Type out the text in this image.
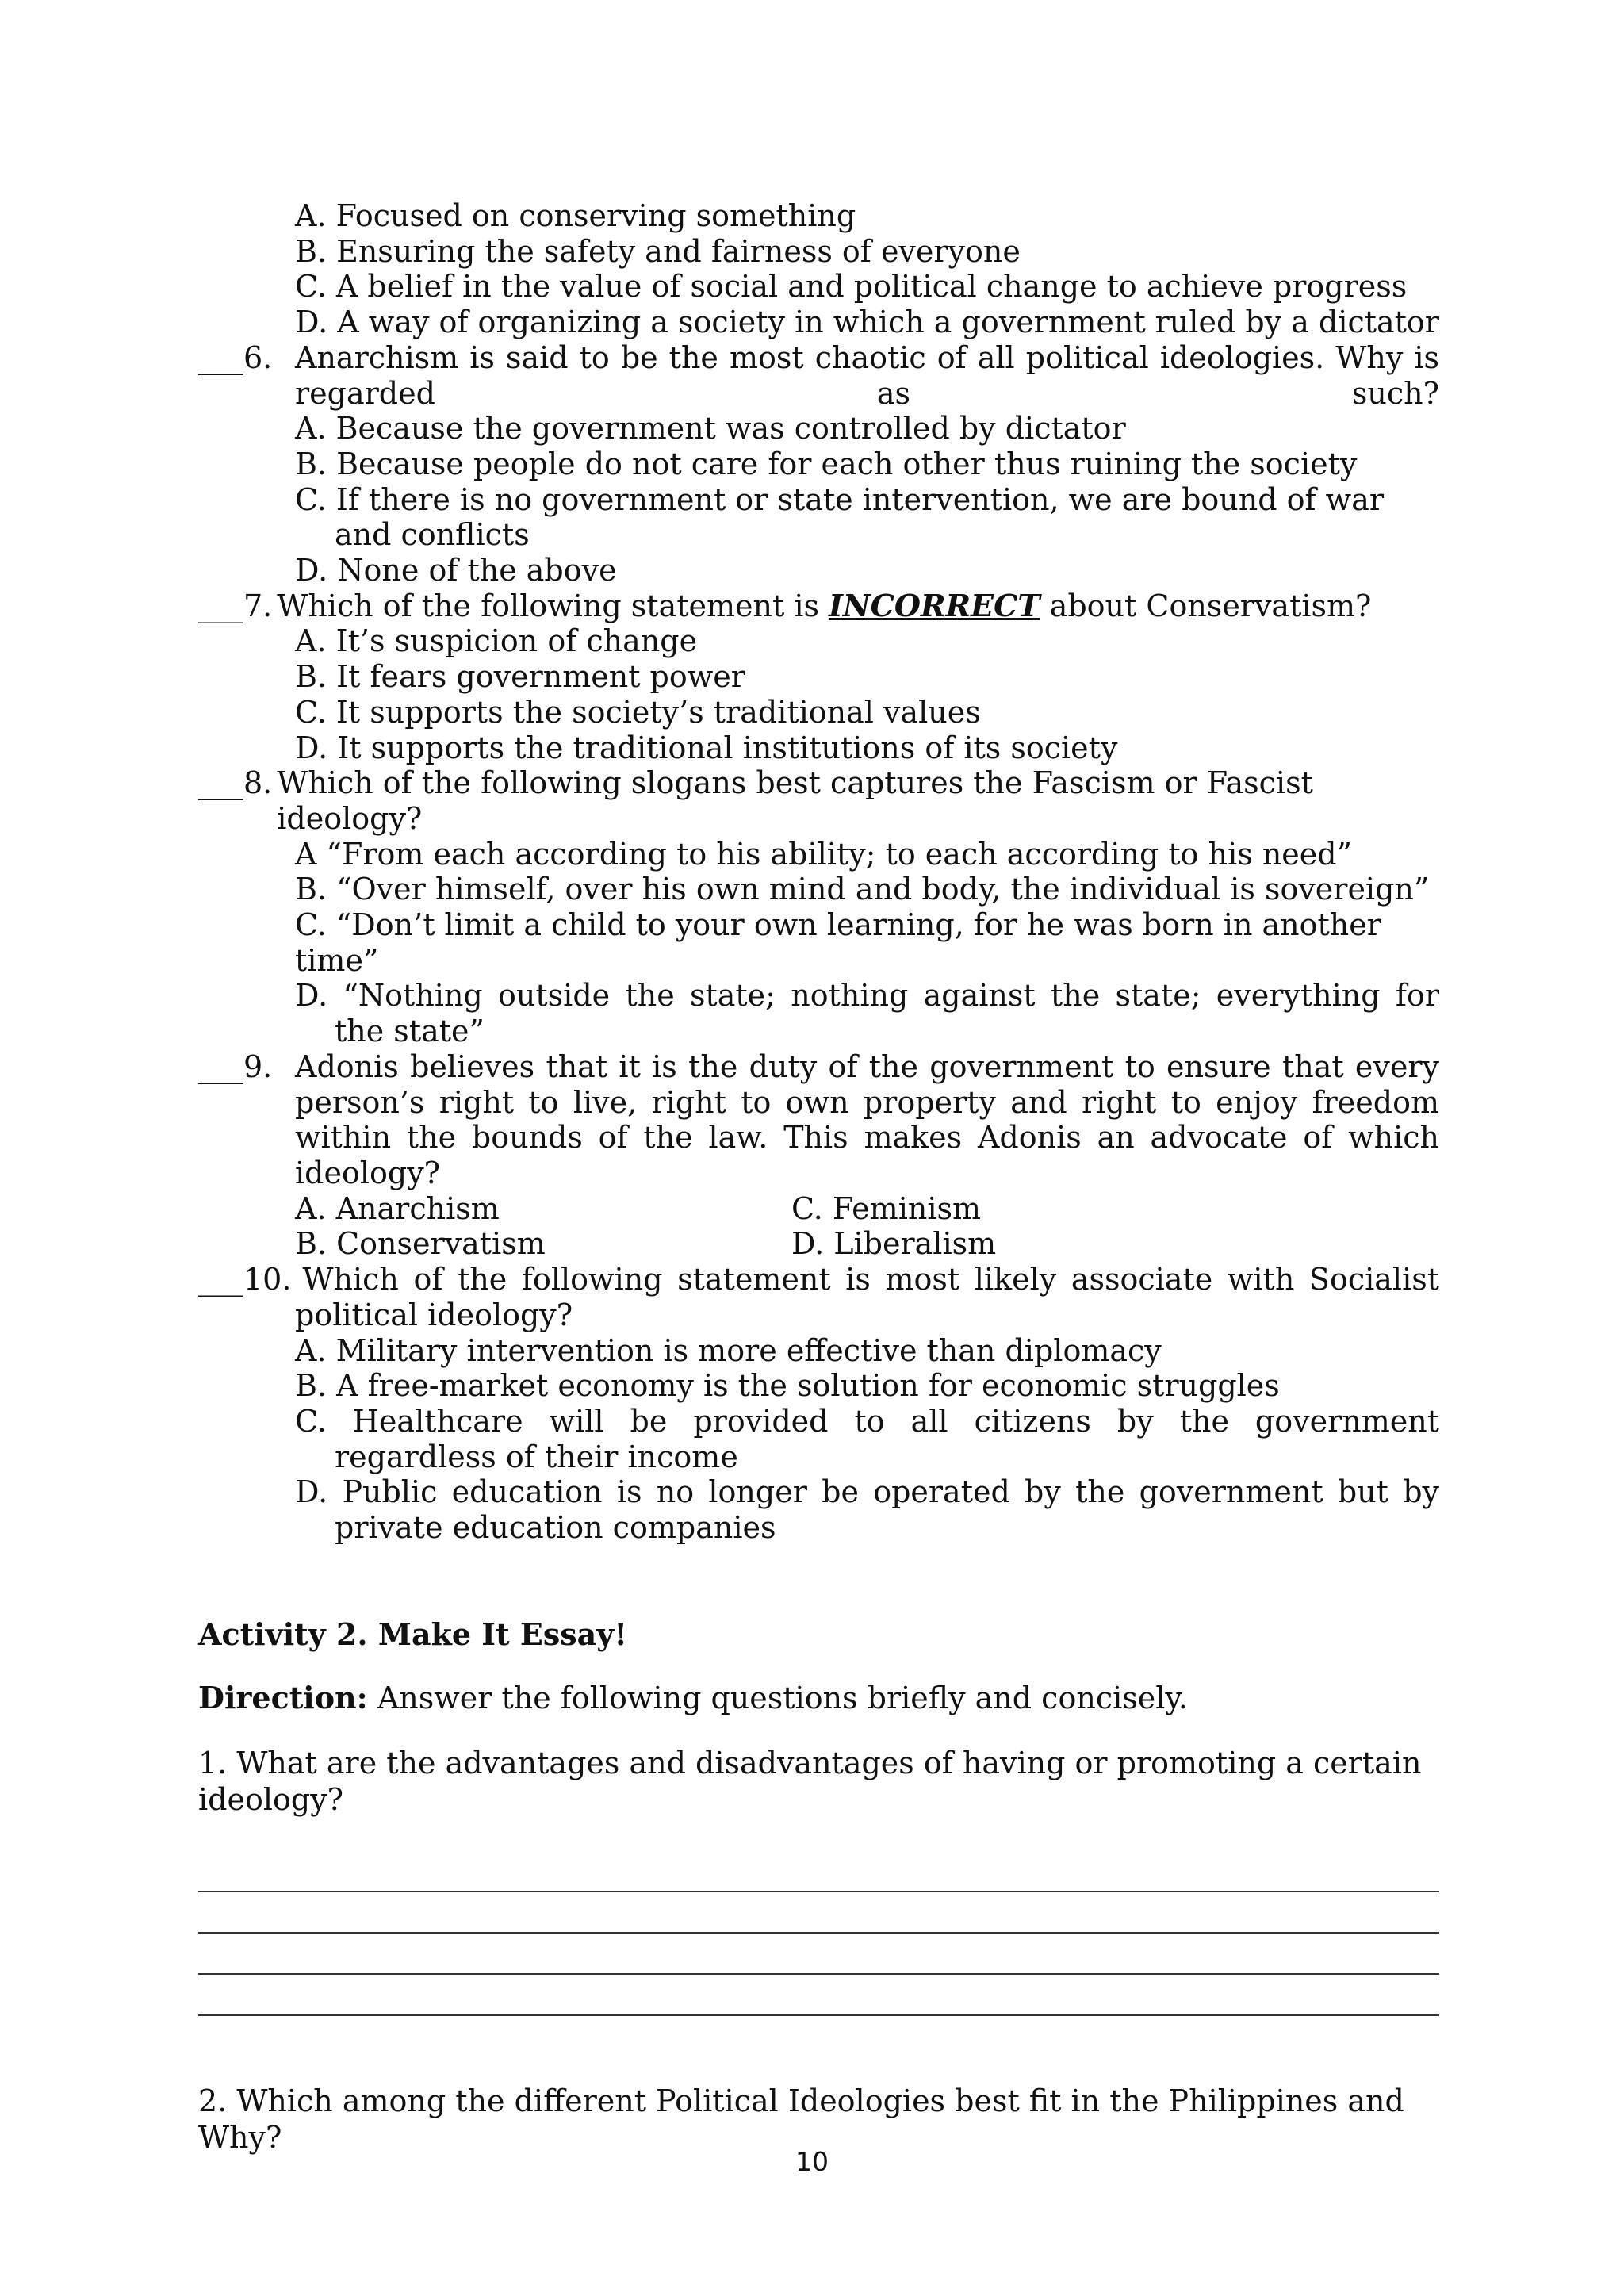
A. Focused on conserving something
B. Ensuring the safety and fairness of everyone
C. A belief in the value of social and political change to achieve progress
D. A way of organizing a society in which a government ruled by a dictator
___6. Anarchism is said to be the most chaotic of all political ideologies. Why is regarded as such?
A. Because the government was controlled by dictator
B. Because people do not care for each other thus ruining the society
C. If there is no government or state intervention, we are bound of war and conflicts
D. None of the above
___7. Which of the following statement is INCORRECT about Conservatism?
A. It’s suspicion of change
B. It fears government power
C. It supports the society’s traditional values
D. It supports the traditional institutions of its society
___8. Which of the following slogans best captures the Fascism or Fascist ideology?
A “From each according to his ability; to each according to his need”
B. “Over himself, over his own mind and body, the individual is sovereign”
C. “Don’t limit a child to your own learning, for he was born in another time”
D. “Nothing outside the state; nothing against the state; everything for the state”
___9. Adonis believes that it is the duty of the government to ensure that every person’s right to live, right to own property and right to enjoy freedom within the bounds of the law. This makes Adonis an advocate of which ideology?
A. Anarchism	C. Feminism
B. Conservatism	D. Liberalism
___10. Which of the following statement is most likely associate with Socialist
political ideology?
A. Military intervention is more effective than diplomacy
B. A free-market economy is the solution for economic struggles
C. Healthcare will be provided to all citizens by the government regardless of their income
D. Public education is no longer be operated by the government but by private education companies
Activity 2. Make It Essay!
Direction: Answer the following questions briefly and concisely.
1. What are the advantages and disadvantages of having or promoting a certain ideology?
2. Which among the different Political Ideologies best fit in the Philippines and Why?
10
